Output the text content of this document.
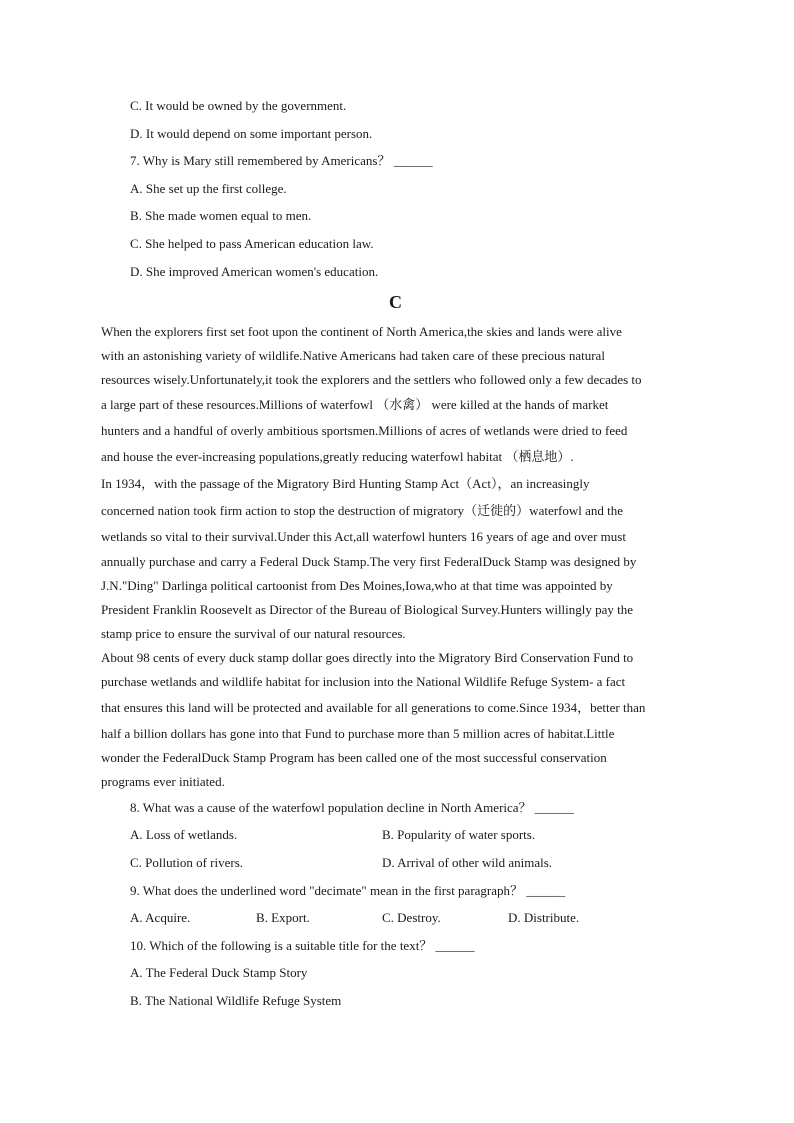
C. It would be owned by the government.
D. It would depend on some important person.
7. Why is Mary still remembered by Americans？ ______
A. She set up the first college.
B. She made women equal to men.
C. She helped to pass American education law.
D. She improved American women's education.
C
When the explorers first set foot upon the continent of North America,the skies and lands were alive
with an astonishing variety of wildlife.Native Americans had taken care of these precious natural
resources wisely.Unfortunately,it took the explorers and the settlers who followed only a few decades to
a large part of these resources.Millions of waterfowl （水禽） were killed at the hands of market
hunters and a handful of overly ambitious sportsmen.Millions of acres of wetlands were dried to feed
and house the ever-increasing populations,greatly reducing waterfowl habitat （栖息地）.
In 1934，with the passage of the Migratory Bird Hunting Stamp Act（Act），an increasingly
concerned nation took firm action to stop the destruction of migratory（迁徙的）waterfowl and the
wetlands so vital to their survival.Under this Act,all waterfowl hunters 16 years of age and over must
annually purchase and carry a Federal Duck Stamp.The very first FederalDuck Stamp was designed by
J.N."Ding" Darlinga political cartoonist from Des Moines,Iowa,who at that time was appointed by
President Franklin Roosevelt as Director of the Bureau of Biological Survey.Hunters willingly pay the
stamp price to ensure the survival of our natural resources.
About 98 cents of every duck stamp dollar goes directly into the Migratory Bird Conservation Fund to
purchase wetlands and wildlife habitat for inclusion into the National Wildlife Refuge System- a fact
that ensures this land will be protected and available for all generations to come.Since 1934，better than
half a billion dollars has gone into that Fund to purchase more than 5 million acres of habitat.Little
wonder the FederalDuck Stamp Program has been called one of the most successful conservation
programs ever initiated.
8. What was a cause of the waterfowl population decline in North America？ ______
A. Loss of wetlands.	B. Popularity of water sports.
C. Pollution of rivers.	D. Arrival of other wild animals.
9. What does the underlined word "decimate" mean in the first paragraph？ ______
A. Acquire.	B. Export.	C. Destroy.	D. Distribute.
10. Which of the following is a suitable title for the text？ ______
A. The Federal Duck Stamp Story
B. The National Wildlife Refuge System
